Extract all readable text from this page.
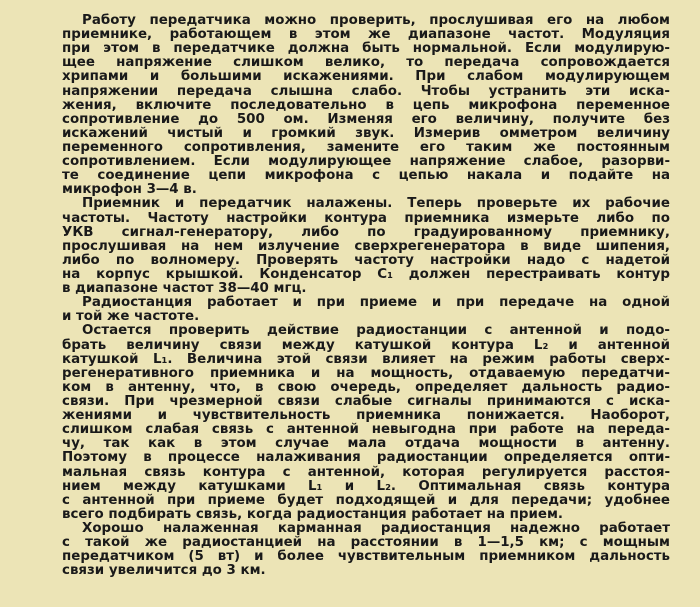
Работу передатчика можно проверить, прослушивая его на любом
приемнике, работающем в этом же диапазоне частот. Модуляция
при этом в передатчике должна быть нормальной. Если модулирую-
щее напряжение слишком велико, то передача сопровождается
хрипами и большими искажениями. При слабом модулирующем
напряжении передача слышна слабо. Чтобы устранить эти искa-
жения, включите последовательно в цепь микрофона переменное
сопротивление до 500 ом. Изменяя его величину, получите без
искажений чистый и громкий звук. Измерив омметром величину
переменного сопротивления, замените его таким же постоянным
сопротивлением. Если модулирующее напряжение слабое, разорви-
те соединение цепи микрофона с цепью накала и подайте на
микрофон 3—4 в.
Приемник и передатчик налажены. Теперь проверьте их рабочие
частоты. Частоту настройки контура приемника измерьте либо по
УКВ сигнал-генератору, либо по градуированному приемнику,
прослушивая на нем излучение сверхрегенератора в виде шипения,
либо по волномеру. Проверять частоту настройки надо с надетой
на корпус крышкой. Конденсатор С₁ должен перестраивать контур
в диапазоне частот 38—40 мгц.
Радиостанция работает и при приеме и при передаче на одной
и той же частоте.
Остается проверить действие радиостанции с антенной и подо-
брать величину связи между катушкой контура L₂ и антенной
катушкой L₁. Величина этой связи влияет на режим работы сверх-
регенеративного приемника и на мощность, отдаваемую передатчи-
ком в антенну, что, в свою очередь, определяет дальность радио-
связи. При чрезмерной связи слабые сигналы принимаются с иска-
жениями и чувствительность приемника понижается. Наоборот,
слишком слабая связь с антенной невыгодна при работе на переда-
чу, так как в этом случае мала отдача мощности в антенну.
Поэтому в процессе налаживания радиостанции определяется опти-
мальная связь контура с антенной, которая регулируется расстоя-
нием между катушками L₁ и L₂. Оптимальная связь контура
с антенной при приеме будет подходящей и для передачи; удобнее
всего подбирать связь, когда радиостанция работает на прием.
Хорошо налаженная карманная радиостанция надежно работает
с такой же радиостанцией на расстоянии в 1—1,5 км; с мощным
передатчиком (5 вт) и более чувствительным приемником дальность
связи увеличится до 3 км.
